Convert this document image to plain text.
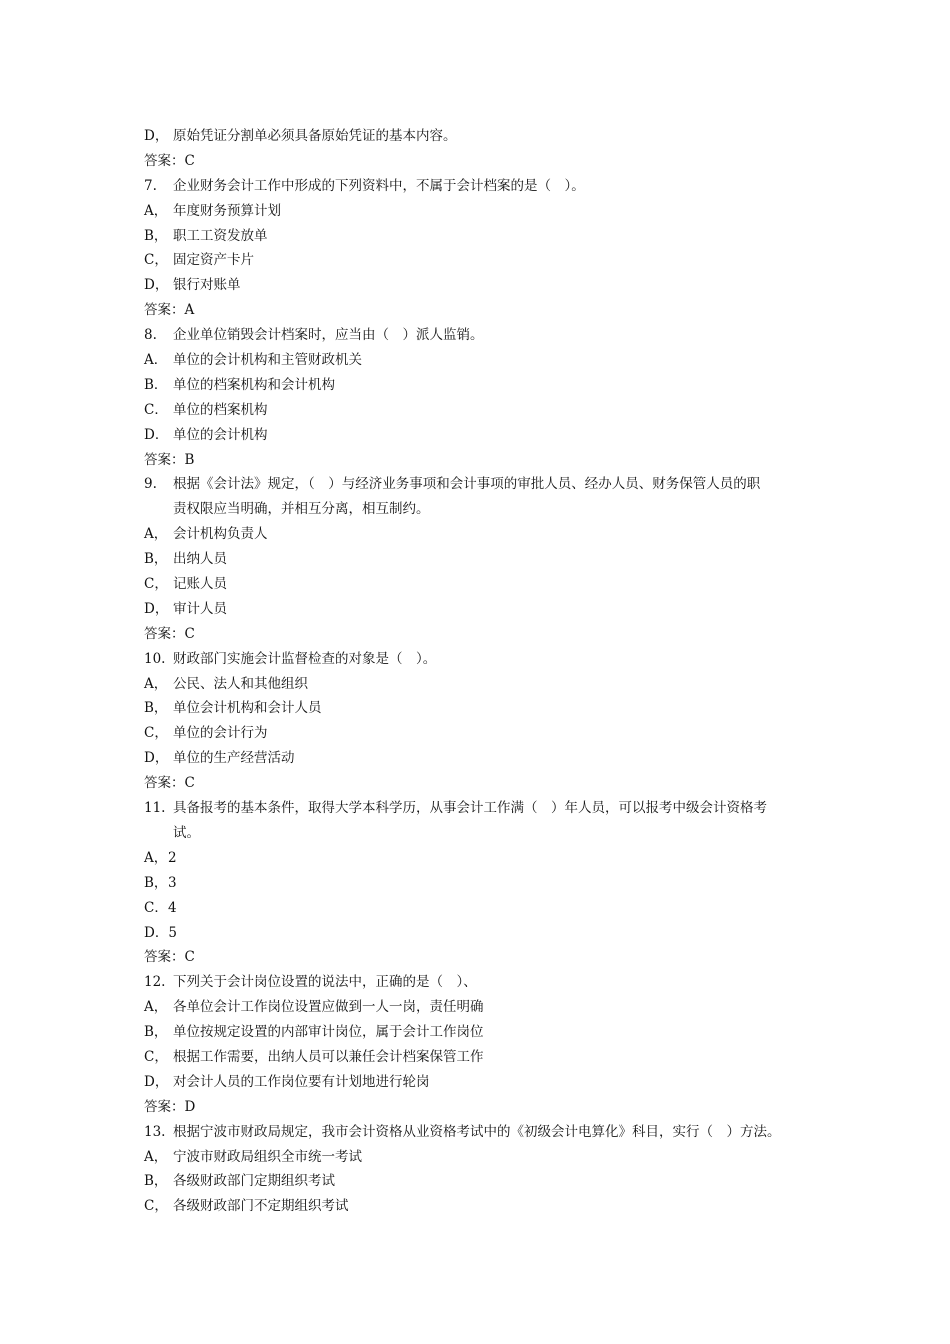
D， 原始凭证分割单必须具备原始凭证的基本内容。
答案：C
7. 企业财务会计工作中形成的下列资料中，不属于会计档案的是（　）。
A， 年度财务预算计划
B， 职工工资发放单
C， 固定资产卡片
D， 银行对账单
答案：A
8. 企业单位销毁会计档案时，应当由（　）派人监销。
A． 单位的会计机构和主管财政机关
B． 单位的档案机构和会计机构
C． 单位的档案机构
D． 单位的会计机构
答案：B
9. 根据《会计法》规定，（　）与经济业务事项和会计事项的审批人员、经办人员、财务保管人员的职
责权限应当明确，并相互分离，相互制约。
A， 会计机构负责人
B， 出纳人员
C， 记账人员
D， 审计人员
答案：C
10. 财政部门实施会计监督检查的对象是（　）。
A， 公民、法人和其他组织
B， 单位会计机构和会计人员
C， 单位的会计行为
D， 单位的生产经营活动
答案：C
11. 具备报考的基本条件，取得大学本科学历，从事会计工作满（　）年人员，可以报考中级会计资格考
试。
A，2
B，3
C．4
D．5
答案：C
12. 下列关于会计岗位设置的说法中，正确的是（　）、
A， 各单位会计工作岗位设置应做到一人一岗，责任明确
B， 单位按规定设置的内部审计岗位，属于会计工作岗位
C， 根据工作需要，出纳人员可以兼任会计档案保管工作
D， 对会计人员的工作岗位要有计划地进行轮岗
答案：D
13. 根据宁波市财政局规定，我市会计资格从业资格考试中的《初级会计电算化》科目，实行（　）方法。
A， 宁波市财政局组织全市统一考试
B， 各级财政部门定期组织考试
C， 各级财政部门不定期组织考试
